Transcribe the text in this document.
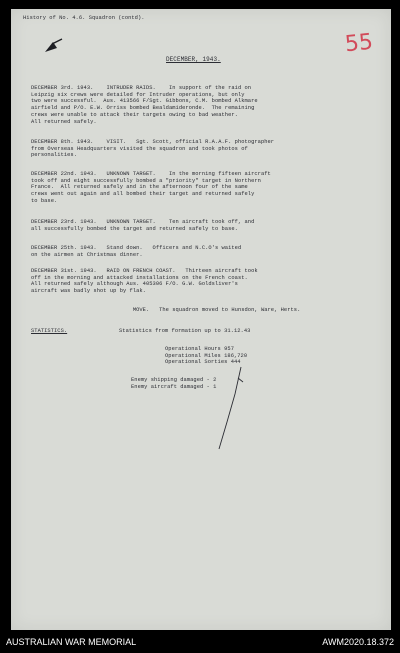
History of No. 4.6. Squadron (contd).

55

DECEMBER, 1943.

DECEMBER 3rd. 1943.    INTRUDER RAIDS.    In support of the raid on
Leipzig six crews were detailed for Intruder operations, but only
two were successful.  Aus. 413566 F/Sgt. Gibbons, C.M. bombed Alkmare
airfield and P/O. E.W. Orriss bombed Bealdamideronde.  The remaining
crews were unable to attack their targets owing to bad weather.
All returned safely.

DECEMBER 8th. 1943.    VISIT.   Sgt. Scott, official R.A.A.F. photographer
from Overseas Headquarters visited the squadron and took photos of
personalities.

DECEMBER 22nd. 1943.   UNKNOWN TARGET.    In the morning fifteen aircraft
took off and eight successfully bombed a "priority" target in Northern
France.  All returned safely and in the afternoon four of the same
crews went out again and all bombed their target and returned safely
to base.

DECEMBER 23rd. 1943.   UNKNOWN TARGET.    Ten aircraft took off, and
all successfully bombed the target and returned safely to base.

DECEMBER 25th. 1943.   Stand down.   Officers and N.C.O's waited
on the airmen at Christmas dinner.

DECEMBER 31st. 1943.   RAID ON FRENCH COAST.   Thirteen aircraft took
off in the morning and attacked installations on the French coast.
All returned safely although Aus. 405306 F/O. G.W. Goldsliver's
aircraft was badly shot up by flak.

MOVE.   The squadron moved to Hunsdon, Ware, Herts.

STATISTICS.	Statistics from formation up to 31.12.43

Operational Hours 957
Operational Miles 186,720
Operational Sorties 444

Enemy shipping damaged - 2
Enemy aircraft damaged - 1

AUSTRALIAN WAR MEMORIAL	AWM2020.18.372
